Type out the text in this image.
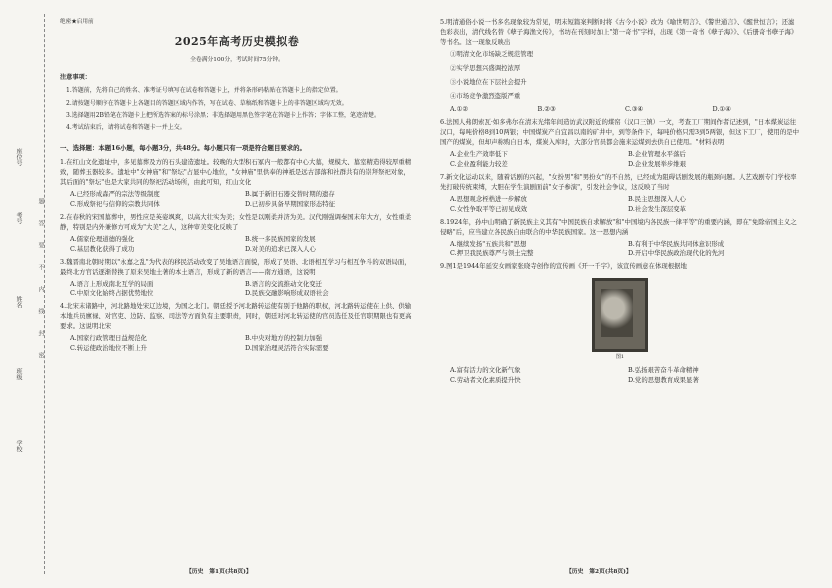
座位号
考号
姓名
班级
学校
题
答
要
不
内
线
封
密
绝密★启用前
2025年高考历史模拟卷
全卷满分100分，考试时间75分钟。
注意事项：
1.答题前，先将自己的姓名、准考证号填写在试卷和答题卡上，并将条形码粘贴在答题卡上的指定位置。
2.请按题号顺序在答题卡上各题目的答题区域内作答，写在试卷、草稿纸和答题卡上的非答题区域均无效。
3.选择题用2B铅笔在答题卡上把所选答案的标号涂黑；非选择题用黑色签字笔在答题卡上作答；字体工整，笔迹清楚。
4.考试结束后，请将试卷和答题卡一并上交。
一、选择题：本题16小题，每小题3分，共48分。每小题只有一项是符合题目要求的。
1.在红山文化遗址中，多见墓葬及方的石头建造遗址。较晚的大型积石冢内一般都有中心大墓，规模大、墓室精造得较厚重精致，随葬玉器较多。遗址中"女神庙"和"祭坛"占显中心地位，"女神庙"里供奉的神祇是远古部落和社群共有的崇拜祭祀对象，其后面的"祭坛"也是大家共同的祭祀活动场所，由此可知，红山文化
A.已经形成森严的宗法等级制度	B.属于新旧石器交替时期的遗存
C.形成祭祀与信仰的宗教共同体	D.已初步具备早期国家形态特征
2.在春秋的宋国墓葬中，男性应是英姿飒爽，以高大壮实为美；女性是以刚柔并济为美。汉代刚强调秦国末年大方，女性重柔静，特别是内外兼修方可成为"大美"之人，这种审美变化反映了
A.儒家伦理道德的强化	B.统一多民族国家的发展
C.基层教化获得了成功	D.对美的追求已深入人心
3.魏晋南北朝时期以"永嘉之乱"为代表的移民活动改变了吴地语言面貌，形成了吴语、北语相互学习与相互争斗的双语局面，最终北方官话逐渐替换了原来吴地土著的本土语言，形成了新的语言——南方通语，这说明
A.语言上形成南北互学的局面	B.语言的交流推动文化变迁
C.中原文化始终占据优势地位	D.民族交融影响形成双语社会
4.北宋末诸路中，河北路地处宋辽边境，为国之北门。朝廷授予河北路转运使有别于他路的职权，河北路转运使在上供、供输本地兵员廪禄、对官吏、边防、监察、司法等方面负有主要职责，同时，朝廷对河北转运使的官员选任及任官职期限也有更高要求。这说明北宋
A.国家行政管理日益规范化	B.中央对地方的控制力加强
C.转运使政治地位不断上升	D.国家治理灵活符合实际需要
【历史　第1页(共8页)】
5.明清通俗小说一书多名现象较为常见，明末短篇案判断时将《古今小说》改为《喻世明言》、《警世通言》、《醒世恒言》；还滤色彩表出，清代线名替《孽子海渔文传》，书坊在刊刻时加上"第一奇书"字样，出现《第一奇书《孽子海》》、《后册奇书孽子海》等书名。这一现象反映出
①明清文化市场缺乏规范管理
②实学思想兴盛调控浓厚
③小说地位在下层社会提升
④市场竞争激烈盗版严重
A.①②	B.②③	C.③④	D.①④
6.法国人弗朗索瓦·如多弗尔在清末光绪年间造访武汉附近的煤窑（汉口三镇）一文，考查工厂期间作者记述到，"日本煤炭运往汉口，每吨价格8到10两银；中国煤炭产自宜昌以南的矿井中，到等条件下，每吨价格只需3到5两银，但这下工厂，使用的是中国产的煤炭，但却声称购自日本，煤炭入库时，大部分官员都会施来运煤到去供自已使用。"材料表明
A.企业生产效率低下	B.企业管理水平落后
C.企业盈利能力较差	D.企业发展举步维艰
7.新文化运动以来，随着话剧的兴起，"女扮男"和"男扮女"的不自然，已经成为阻碍话剧发展的瓶颈问题。人艺戏剧专门学校率先打破传统束缚，大胆在学生演剧面前"女子参演"，引发社会争议，这反映了当时
A.思想观念桎梏进一步解放	B.民主思想深入人心
C.女性争取平等已初见成效	D.社会发生深层变革
8.1924年，孙中山明确了新民族主义其有"中国民族自求解放"和"中国境内各民族一律平等"的重要内涵，即在"免除帝国主义之侵略"后，应当建立各民族自由联合的中华民族国家。这一思想内涵
A.继续发扬"五族共和"思想	B.有利于中华民族共同体意识形成
C.押卫我民族尊严与领土完整	D.开启中华民族政治现代化的先河
9.图1是1944年延安女画家张晓寺创作的宣传画《开一千字》，该宣传画意在体现根据地
图1
A.富有活力的文化新气象	B.弘扬艰苦奋斗革命精神
C.劳动者文化素质提升快	D.党的思想教育成果显著
【历史　第2页(共8页)】
